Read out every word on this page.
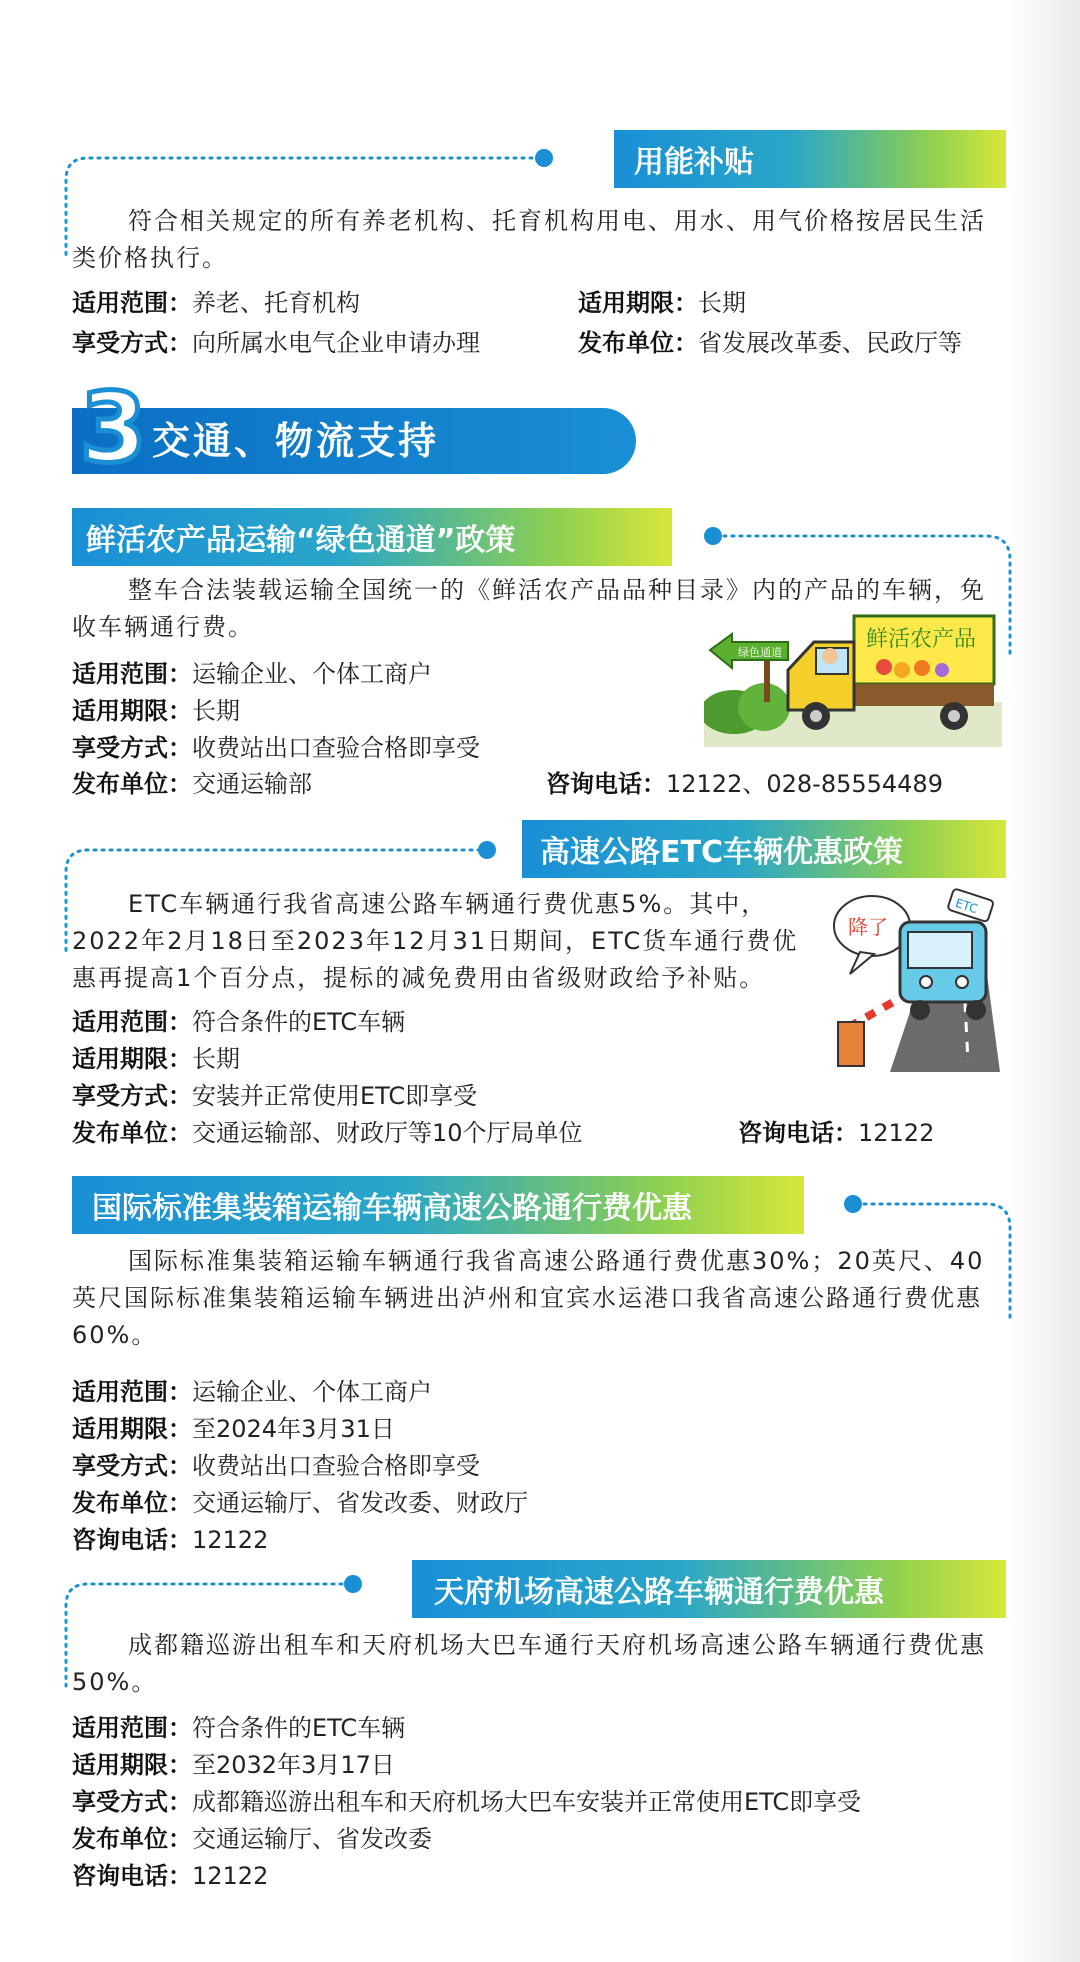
用能补贴

符合相关规定的所有养老机构、托育机构用电、用水、用气价格按居民生活类价格执行。

适用范围：养老、托育机构	适用期限：长期
享受方式：向所属水电气企业申请办理	发布单位：省发展改革委、民政厅等
3 交通、物流支持
鲜活农产品运输“绿色通道”政策

整车合法装载运输全国统一的《鲜活农产品品种目录》内的产品的车辆，免收车辆通行费。

适用范围：运输企业、个体工商户
适用期限：长期
享受方式：收费站出口查验合格即享受
发布单位：交通运输部	咨询电话：12122、028-85554489
绿色通道
鲜活农产品
高速公路ETC车辆优惠政策

ETC车辆通行我省高速公路车辆通行费优惠5%。其中，2022年2月18日至2023年12月31日期间，ETC货车通行费优惠再提高1个百分点，提标的减免费用由省级财政给予补贴。

适用范围：符合条件的ETC车辆
适用期限：长期
享受方式：安装并正常使用ETC即享受
发布单位：交通运输部、财政厅等10个厅局单位	咨询电话：12122
降了
ETC
国际标准集装箱运输车辆高速公路通行费优惠

国际标准集装箱运输车辆通行我省高速公路通行费优惠30%；20英尺、40英尺国际标准集装箱运输车辆进出泸州和宜宾水运港口我省高速公路通行费优惠60%。

适用范围：运输企业、个体工商户
适用期限：至2024年3月31日
享受方式：收费站出口查验合格即享受
发布单位：交通运输厅、省发改委、财政厅
咨询电话：12122
天府机场高速公路车辆通行费优惠

成都籍巡游出租车和天府机场大巴车通行天府机场高速公路车辆通行费优惠50%。

适用范围：符合条件的ETC车辆
适用期限：至2032年3月17日
享受方式：成都籍巡游出租车和天府机场大巴车安装并正常使用ETC即享受
发布单位：交通运输厅、省发改委
咨询电话：12122
